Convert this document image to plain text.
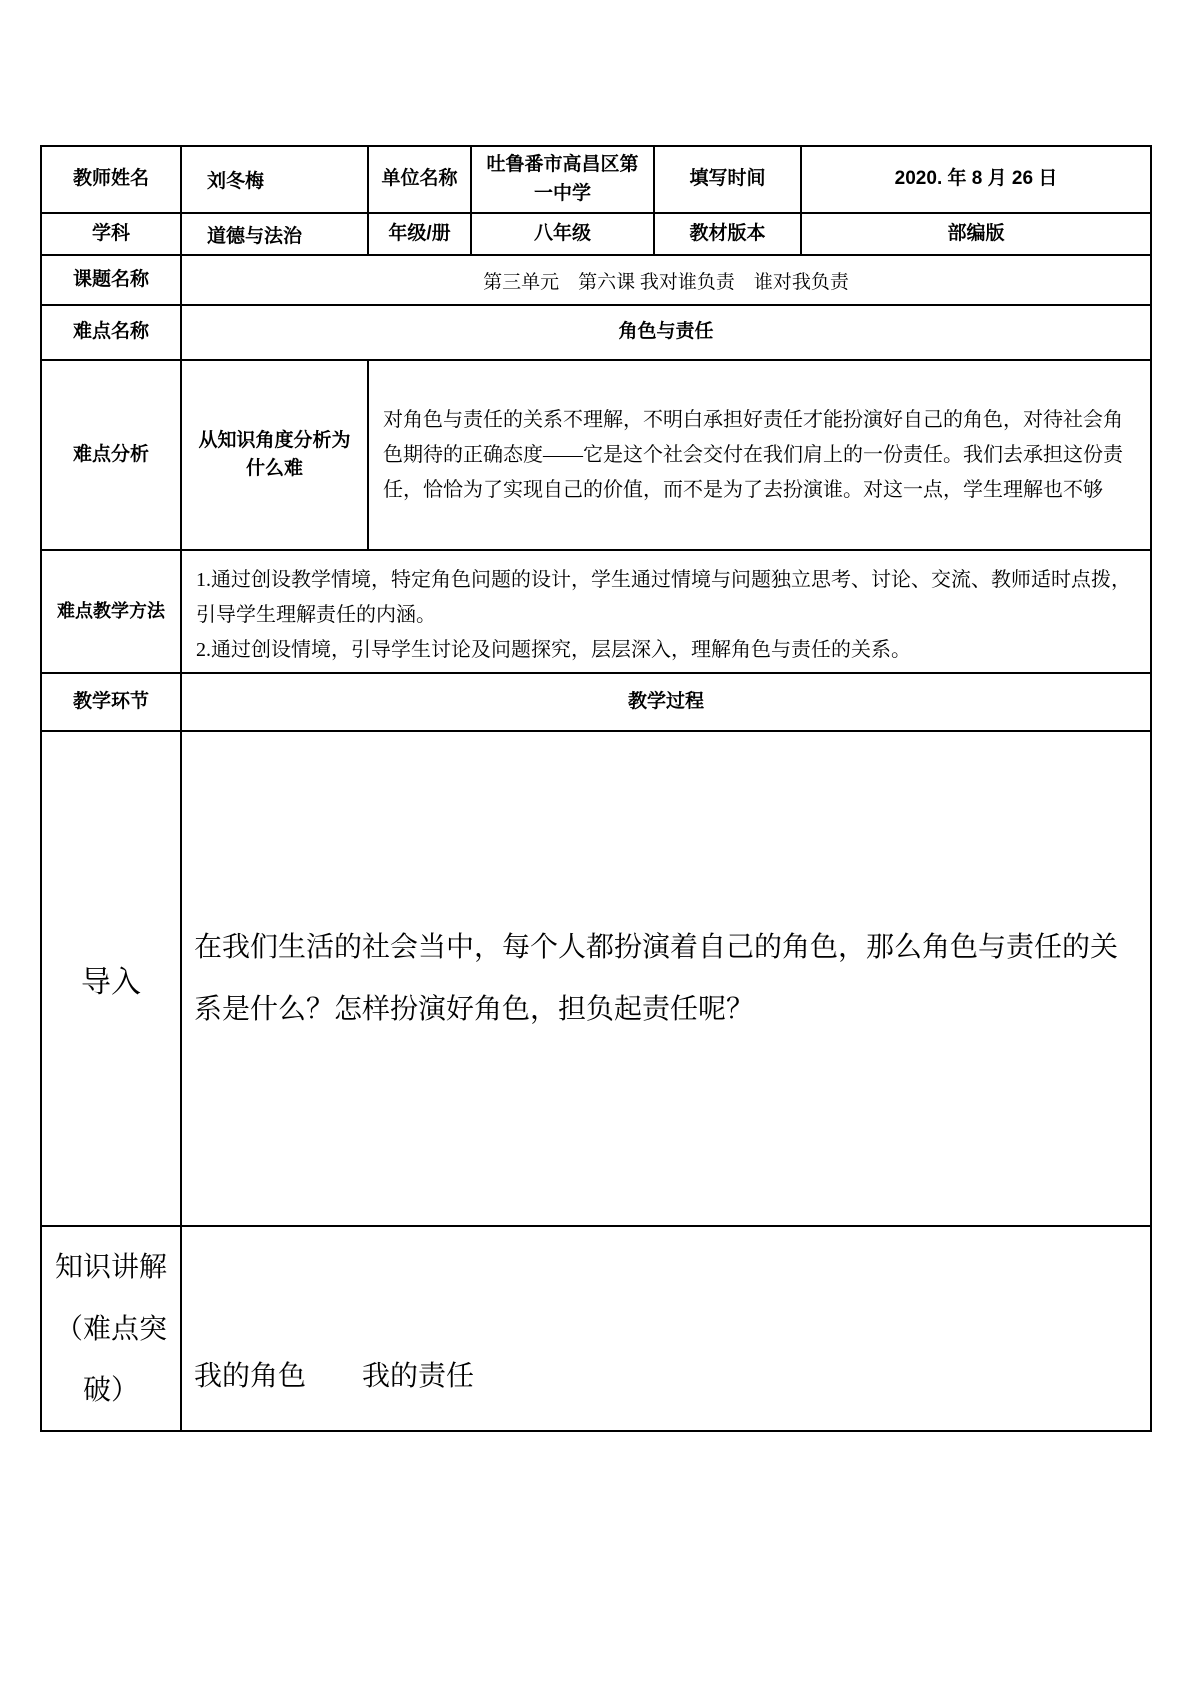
教师姓名	刘冬梅	单位名称	吐鲁番市高昌区第一中学	填写时间	2020. 年 8 月 26 日
学科	道德与法治	年级/册	八年级	教材版本	部编版
课题名称	第三单元　第六课 我对谁负责　谁对我负责				
难点名称	角色与责任				
难点分析	从知识角度分析为什么难	对角色与责任的关系不理解，不明白承担好责任才能扮演好自己的角色，对待社会角色期待的正确态度——它是这个社会交付在我们肩上的一份责任。我们去承担这份责任，恰恰为了实现自己的价值，而不是为了去扮演谁。对这一点，学生理解也不够			
难点教学方法	1.通过创设教学情境，特定角色问题的设计，学生通过情境与问题独立思考、讨论、交流、教师适时点拨，引导学生理解责任的内涵。
2.通过创设情境，引导学生讨论及问题探究，层层深入，理解角色与责任的关系。				

教学环节	教学过程				
导入	在我们生活的社会当中，每个人都扮演着自己的角色，那么角色与责任的关系是什么？怎样扮演好角色，担负起责任呢？				
知识讲解（难点突破）	我的角色　　我的责任				
